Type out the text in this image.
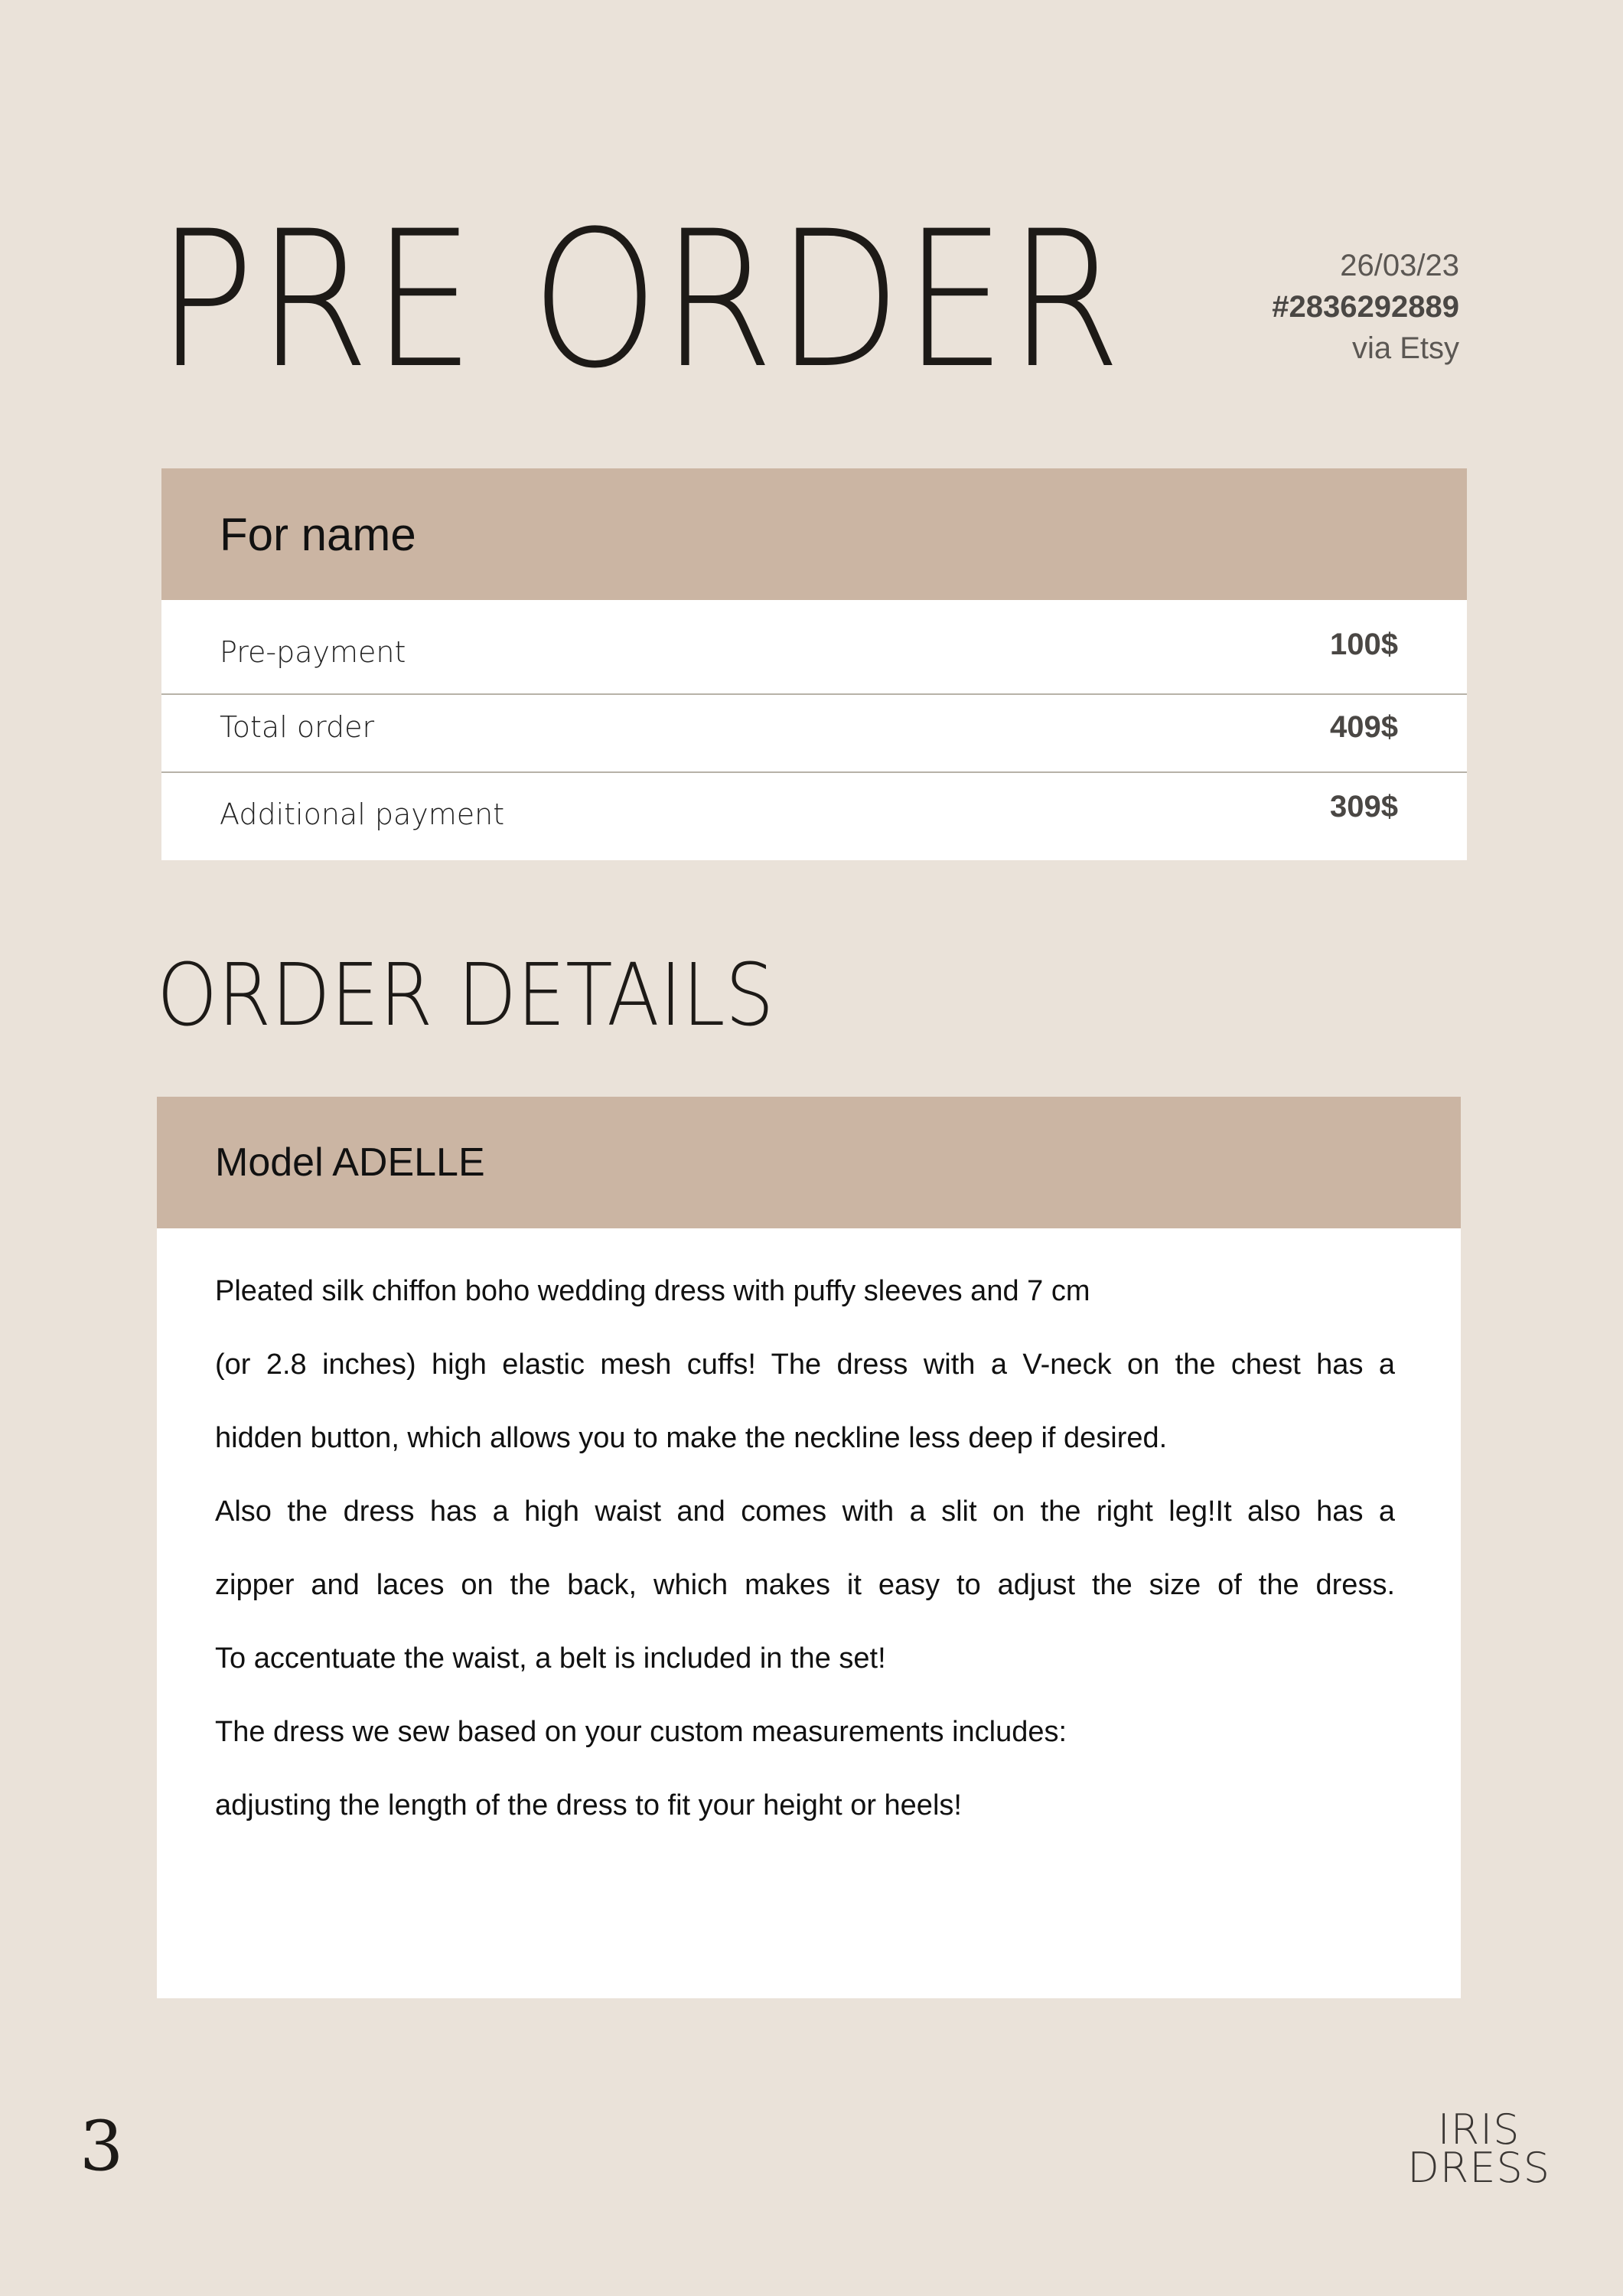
PRE ORDER	26/03/23
#2836292889
via Etsy
For name
Pre-payment	100$
Total order	409$
Additional payment	309$
ORDER DETAILS
Model ADELLE

Pleated silk chiffon boho wedding dress with puffy sleeves and 7 cm

(or 2.8 inches) high elastic mesh cuffs! The dress with a V-neck on the chest has a

hidden button, which allows you to make the neckline less deep if desired.

Also the dress has a high waist and comes with a slit on the right leg!It also has a

zipper and laces on the back, which makes it easy to adjust the size of the dress.

To accentuate the waist, a belt is included in the set!

The dress we sew based on your custom measurements includes:

adjusting the length of the dress to fit your height or heels!

3	IRIS
DRESS
